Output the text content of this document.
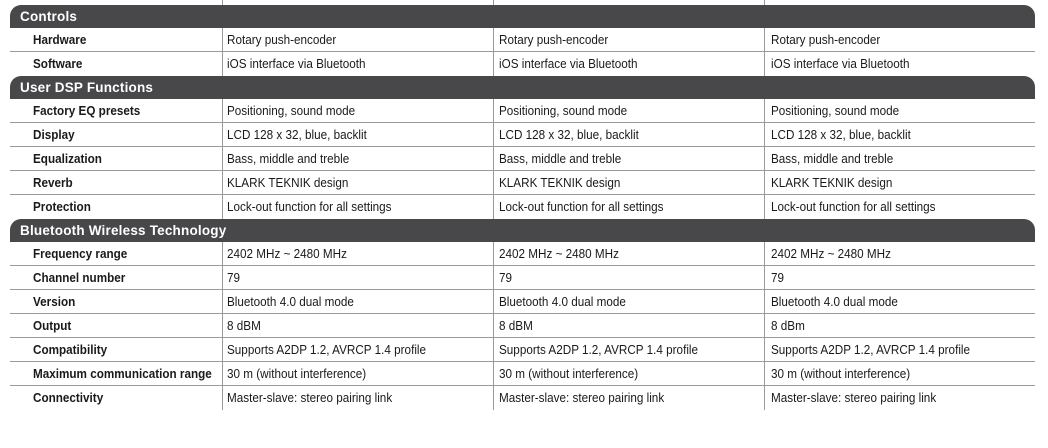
Controls
Hardware	Rotary push-encoder	Rotary push-encoder	Rotary push-encoder
Software	iOS interface via Bluetooth	iOS interface via Bluetooth	iOS interface via Bluetooth
User DSP Functions
Factory EQ presets	Positioning, sound mode	Positioning, sound mode	Positioning, sound mode
Display	LCD 128 x 32, blue, backlit	LCD 128 x 32, blue, backlit	LCD 128 x 32, blue, backlit
Equalization	Bass, middle and treble	Bass, middle and treble	Bass, middle and treble
Reverb	KLARK TEKNIK design	KLARK TEKNIK design	KLARK TEKNIK design
Protection	Lock-out function for all settings	Lock-out function for all settings	Lock-out function for all settings
Bluetooth Wireless Technology
Frequency range	2402 MHz ~ 2480 MHz	2402 MHz ~ 2480 MHz	2402 MHz ~ 2480 MHz
Channel number	79	79	79
Version	Bluetooth 4.0 dual mode	Bluetooth 4.0 dual mode	Bluetooth 4.0 dual mode
Output	8 dBM	8 dBM	8 dBm
Compatibility	Supports A2DP 1.2, AVRCP 1.4 profile	Supports A2DP 1.2, AVRCP 1.4 profile	Supports A2DP 1.2, AVRCP 1.4 profile
Maximum communication range	30 m (without interference)	30 m (without interference)	30 m (without interference)
Connectivity	Master-slave: stereo pairing link	Master-slave: stereo pairing link	Master-slave: stereo pairing link
